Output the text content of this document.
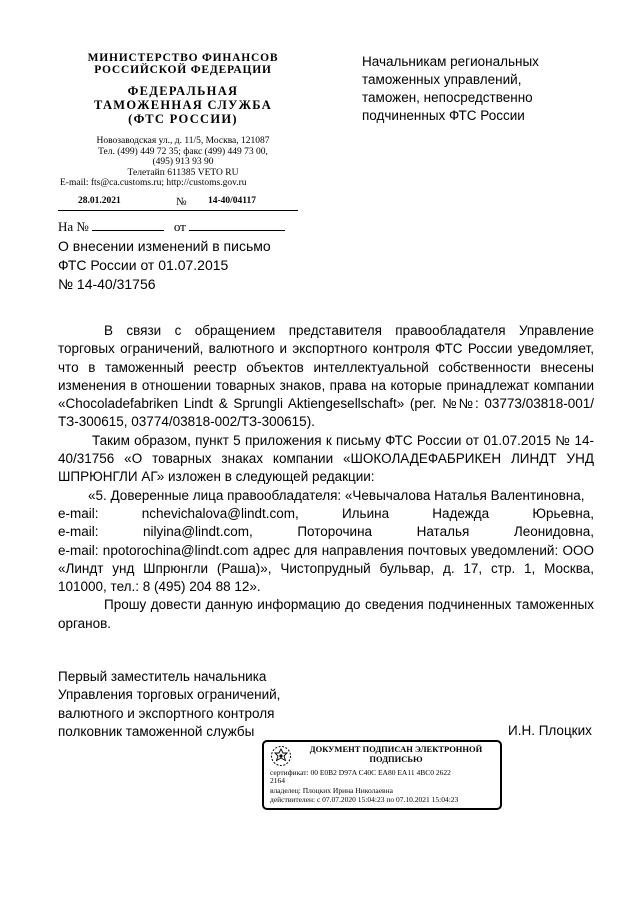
МИНИСТЕРСТВО ФИНАНСОВ
РОССИЙСКОЙ ФЕДЕРАЦИИ
ФЕДЕРАЛЬНАЯ
ТАМОЖЕННАЯ СЛУЖБА
(ФТС РОССИИ)
Новозаводская ул., д. 11/5, Москва, 121087
Тел. (499) 449 72 35; факс (499) 449 73 00,
(495) 913 93 90
Телетайп 611385 VETO RU
E-mail: fts@ca.customs.ru; http://customs.gov.ru
28.01.2021	№ 14-40/04117
На №	от
О внесении изменений в письмо
ФТС России от 01.07.2015
№ 14-40/31756
Начальникам региональных
таможенных управлений,
таможен, непосредственно
подчиненных ФТС России

В связи с обращением представителя правообладателя Управление торговых ограничений, валютного и экспортного контроля ФТС России уведомляет, что в таможенный реестр объектов интеллектуальной собственности внесены изменения в отношении товарных знаков, права на которые принадлежат компании «Chocoladefabriken Lindt & Sprungli Aktiengesellschaft» (рег. №№: 03773/03818-001/ТЗ-300615, 03774/03818-002/ТЗ-300615).

Таким образом, пункт 5 приложения к письму ФТС России от 01.07.2015 № 14-40/31756 «О товарных знаках компании «ШОКОЛАДЕФАБРИКЕН ЛИНДТ УНД ШПРЮНГЛИ АГ» изложен в следующей редакции:

«5. Доверенные лица правообладателя: «Чевычалова Наталья Валентиновна,

e-mail:	nchevichalova@lindt.com,	Ильина	Надежда	Юрьевна,
e-mail:	nilyina@lindt.com,	Поторочина	Наталья	Леонидовна,
e-mail: npotorochina@lindt.com адрес для направления почтовых уведомлений: ООО «Линдт унд Шпрюнгли (Раша)», Чистопрудный бульвар, д. 17, стр. 1, Москва, 101000, тел.: 8 (495) 204 88 12».

Прошу довести данную информацию до сведения подчиненных таможенных органов.

Первый заместитель начальника
Управления торговых ограничений,
валютного и экспортного контроля
полковник таможенной службы	И.Н. Плоцких
ДОКУМЕНТ ПОДПИСАН ЭЛЕКТРОННОЙ
ПОДПИСЬЮ
сертификат: 00 E0B2 D97A C40C EA80 EA11 4BC0 2622
2164
владелец: Плоцких Ирина Николаевна
действителен: с 07.07.2020 15:04:23 по 07.10.2021 15:04:23
